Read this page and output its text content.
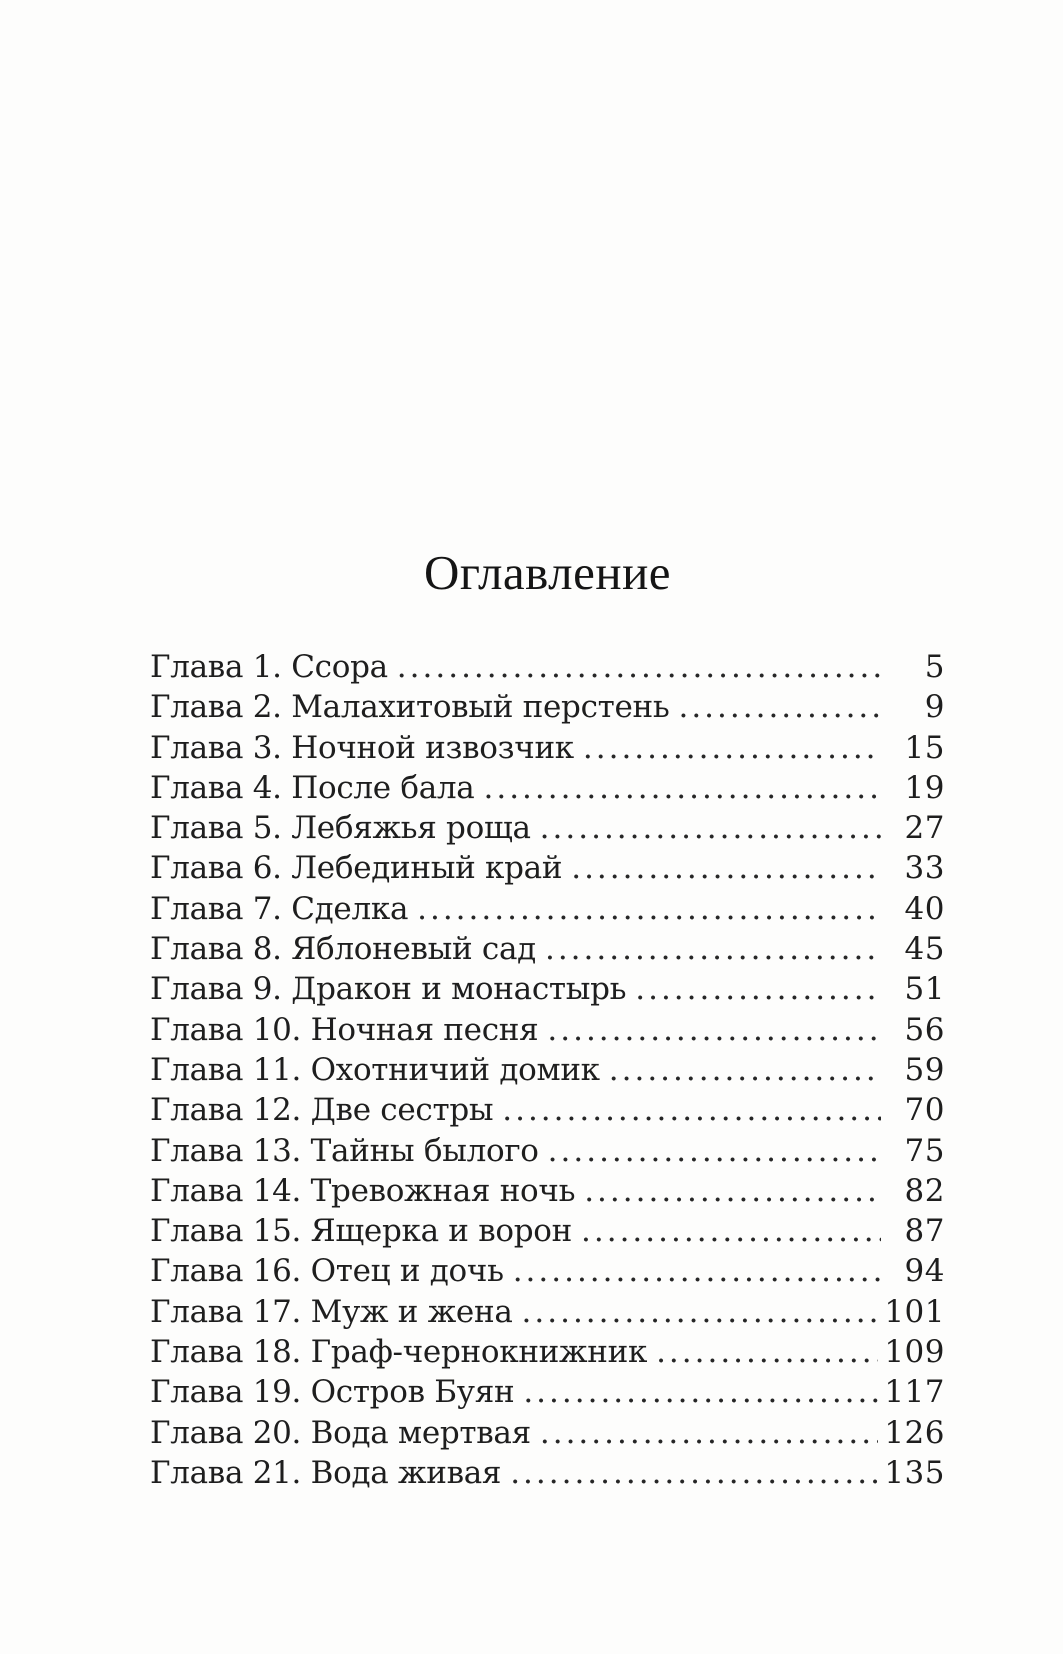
Оглавление
Глава 1. Ссора .....	5
Глава 2. Малахитовый перстень .....	9
Глава 3. Ночной извозчик .....	15
Глава 4. После бала .....	19
Глава 5. Лебяжья роща .....	27
Глава 6. Лебединый край .....	33
Глава 7. Сделка .....	40
Глава 8. Яблоневый сад .....	45
Глава 9. Дракон и монастырь .....	51
Глава 10. Ночная песня .....	56
Глава 11. Охотничий домик .....	59
Глава 12. Две сестры .....	70
Глава 13. Тайны былого .....	75
Глава 14. Тревожная ночь .....	82
Глава 15. Ящерка и ворон .....	87
Глава 16. Отец и дочь .....	94
Глава 17. Муж и жена .....	101
Глава 18. Граф-чернокнижник .....	109
Глава 19. Остров Буян .....	117
Глава 20. Вода мертвая .....	126
Глава 21. Вода живая .....	135
